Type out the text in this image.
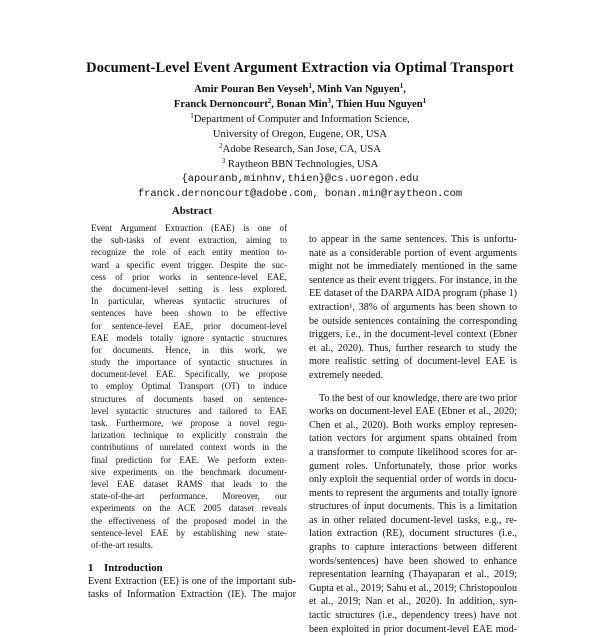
Document-Level Event Argument Extraction via Optimal Transport
Amir Pouran Ben Veyseh$^1$, Minh Van Nguyen$^1$,
Franck Dernoncourt$^2$, Bonan Min$^3$, Thien Huu Nguyen$^1$
$^1$Department of Computer and Information Science,
University of Oregon, Eugene, OR, USA
$^2$Adobe Research, San Jose, CA, USA
$^3$ Raytheon BBN Technologies, USA
{apouranb,minhnv,thien}@cs.uoregon.edu
franck.dernoncourt@adobe.com, bonan.min@raytheon.com
Abstract
Event Argument Extraction (EAE) is one of
the sub-tasks of event extraction, aiming to
recognize the role of each entity mention to-
ward a specific event trigger. Despite the suc-
cess of prior works in sentence-level EAE,
the document-level setting is less explored.
In particular, whereas syntactic structures of
sentences have been shown to be effective
for sentence-level EAE, prior document-level
EAE models totally ignore syntactic structures
for documents. Hence, in this work, we
study the importance of syntactic structures in
document-level EAE. Specifically, we propose
to employ Optimal Transport (OT) to induce
structures of documents based on sentence-
level syntactic structures and tailored to EAE
task. Furthermore, we propose a novel regu-
larization technique to explicitly constrain the
contributions of unrelated context words in the
final prediction for EAE. We perform exten-
sive experiments on the benchmark document-
level EAE dataset RAMS that leads to the
state-of-the-art performance. Moreover, our
experiments on the ACE 2005 dataset reveals
the effectiveness of the proposed model in the
sentence-level EAE by establishing new state-
of-the-art results.
1 Introduction
Event Extraction (EE) is one of the important sub-
tasks of Information Extraction (IE). The major
to appear in the same sentences. This is unfortu-
nate as a considerable portion of event arguments
might not be immediately mentioned in the same
sentence as their event triggers. For instance, in the
EE dataset of the DARPA AIDA program (phase 1)
extraction¹, 38% of arguments has been shown to
be outside sentences containing the corresponding
triggers, i.e., in the document-level context (Ebner
et al., 2020). Thus, further research to study the
more realistic setting of document-level EAE is
extremely needed.
To the best of our knowledge, there are two prior
works on document-level EAE (Ebner et al., 2020;
Chen et al., 2020). Both works employ represen-
tation vectors for argument spans obtained from
a transformer to compute likelihood scores for ar-
gument roles. Unfortunately, those prior works
only exploit the sequential order of words in docu-
ments to represent the arguments and totally ignore
structures of input documents. This is a limitation
as in other related document-level tasks, e.g., re-
lation extraction (RE), document structures (i.e.,
graphs to capture interactions between different
words/sentences) have been showed to enhance
representation learning (Thayaparan et al., 2019;
Gupta et al., 2019; Sahu et al., 2019; Christopoulou
et al., 2019; Nan et al., 2020). In addition, syn-
tactic structures (i.e., dependency trees) have not
been exploited in prior document-level EAE mod-
